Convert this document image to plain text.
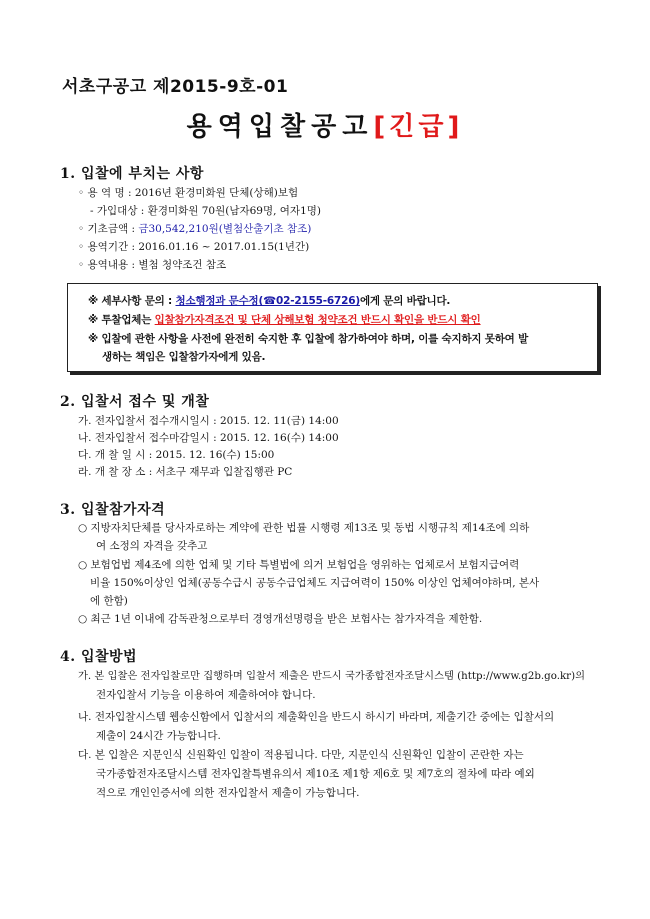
서초구공고 제2015-9호-01
용역입찰공고[긴급]
1. 입찰에 부치는 사항
◦ 용 역 명 : 2016년 환경미화원 단체(상해)보험
- 가입대상 : 환경미화원 70원(남자69명, 여자1명)
◦ 기초금액 : 금30,542,210원(별첨산출기초 참조)
◦ 용역기간 : 2016.01.16 ~ 2017.01.15(1년간)
◦ 용역내용 : 별첨 청약조건 참조
※ 세부사항 문의 : 청소행정과 문수정(☎02-2155-6726)에게 문의 바랍니다.
※ 투찰업체는 입찰참가자격조건 및 단체 상해보험 청약조건 반드시 확인을 반드시 확인
※ 입찰에 관한 사항을 사전에 완전히 숙지한 후 입찰에 참가하여야 하며, 이를 숙지하지 못하여 발
생하는 책임은 입찰참가자에게 있음.
2. 입찰서 접수 및 개찰
가. 전자입찰서 접수개시일시 : 2015. 12. 11(금) 14:00
나. 전자입찰서 접수마감일시 : 2015. 12. 16(수) 14:00
다. 개 찰 일 시 : 2015. 12. 16(수) 15:00
라. 개 찰 장 소 : 서초구 재무과 입찰집행관 PC
3. 입찰참가자격
○ 지방자치단체를 당사자로하는 계약에 관한 법률 시행령 제13조 및 동법 시행규칙 제14조에 의하
여 소정의 자격을 갖추고
○ 보험업법 제4조에 의한 업체 및 기타 특별법에 의거 보험업을 영위하는 업체로서 보험지급여력
비율 150%이상인 업체(공동수급시 공동수급업체도 지급여력이 150% 이상인 업체여야하며, 본사
에 한함)
○ 최근 1년 이내에 감독관청으로부터 경영개선명령을 받은 보험사는 참가자격을 제한함.
4. 입찰방법
가. 본 입찰은 전자입찰로만 집행하며 입찰서 제출은 반드시 국가종합전자조달시스템 (http://www.g2b.go.kr)의
전자입찰서 기능을 이용하여 제출하여야 합니다.
나. 전자입찰시스템 웹송신함에서 입찰서의 제출확인을 반드시 하시기 바라며, 제출기간 중에는 입찰서의
제출이 24시간 가능합니다.
다. 본 입찰은 지문인식 신원확인 입찰이 적용됩니다. 다만, 지문인식 신원확인 입찰이 곤란한 자는
국가종합전자조달시스템 전자입찰특별유의서 제10조 제1항 제6호 및 제7호의 절차에 따라 예외
적으로 개인인증서에 의한 전자입찰서 제출이 가능합니다.
